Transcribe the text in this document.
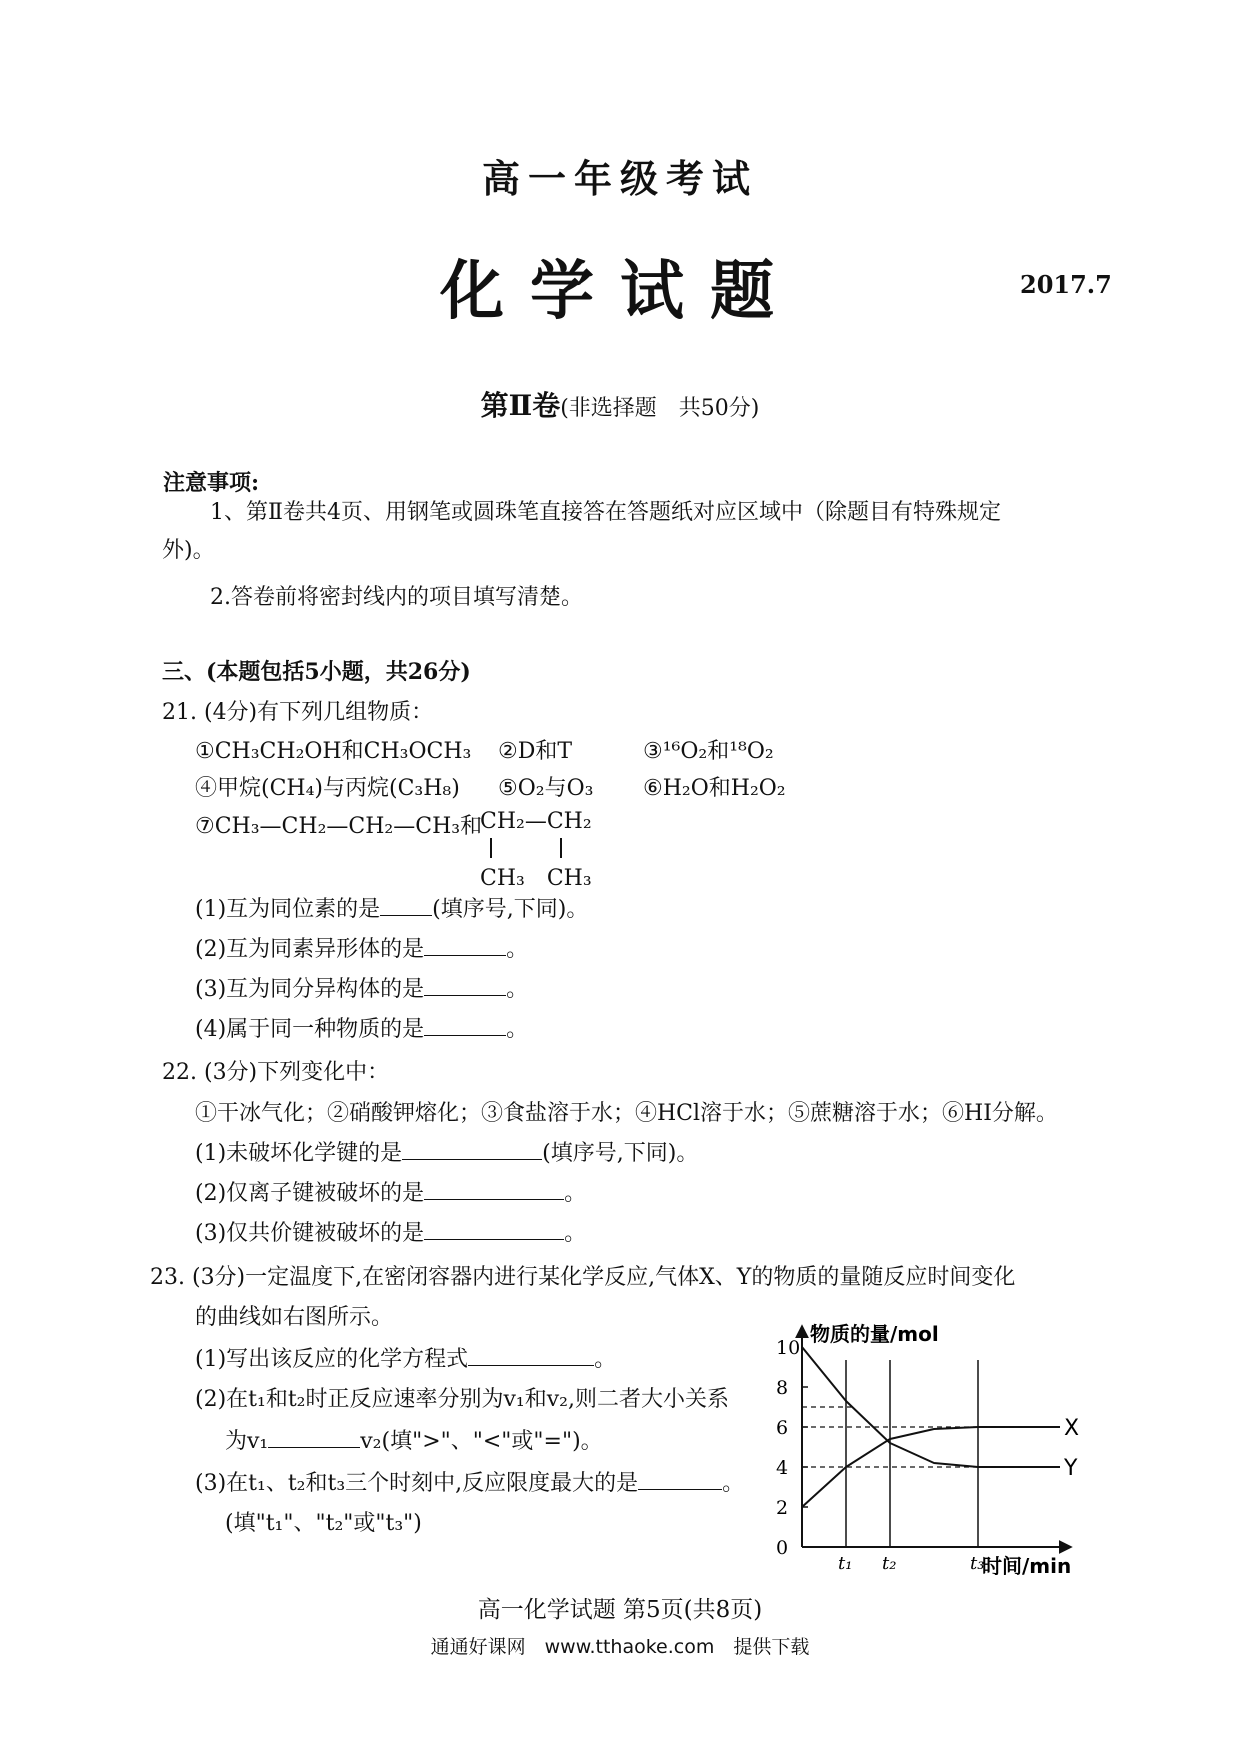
高一年级考试
化学试题	2017.7
第Ⅱ卷(非选择题　共50分)
注意事项:
1、第Ⅱ卷共4页、用钢笔或圆珠笔直接答在答题纸对应区域中（除题目有特殊规定
外)。
2.答卷前将密封线内的项目填写清楚。
三、(本题包括5小题，共26分)
21. (4分)有下列几组物质：
①CH₃CH₂OH和CH₃OCH₃ ②D和T	③¹⁶O₂和¹⁸O₂
④甲烷(CH₄)与丙烷(C₃H₈) ⑤O₂与O₃ ⑥H₂O和H₂O₂
⑦CH₃—CH₂—CH₂—CH₃和
CH₂—CH₂
CH₃　CH₃
(1)互为同位素的是 (填序号,下同)。
(2)互为同素异形体的是	。
(3)互为同分异构体的是	。
(4)属于同一种物质的是	。
22. (3分)下列变化中：
①干冰气化；②硝酸钾熔化；③食盐溶于水；④HCl溶于水；⑤蔗糖溶于水；⑥HI分解。
(1)未破坏化学键的是	(填序号,下同)。
(2)仅离子键被破坏的是	。
(3)仅共价键被破坏的是	。
23. (3分)一定温度下,在密闭容器内进行某化学反应,气体X、Y的物质的量随反应时间变化
的曲线如右图所示。
(1)写出该反应的化学方程式	。
(2)在t₁和t₂时正反应速率分别为v₁和v₂,则二者大小关系
为v₁	v₂(填">"、"<"或"=")。
(3)在t₁、t₂和t₃三个时刻中,反应限度最大的是	。
(填"t₁"、"t₂"或"t₃")
物质的量/mol
时间/min
0
2
4
6
8
10
t₁ t₂	t₃
X
Y
高一化学试题 第5页(共8页)
通通好课网　www.tthaoke.com　提供下载
